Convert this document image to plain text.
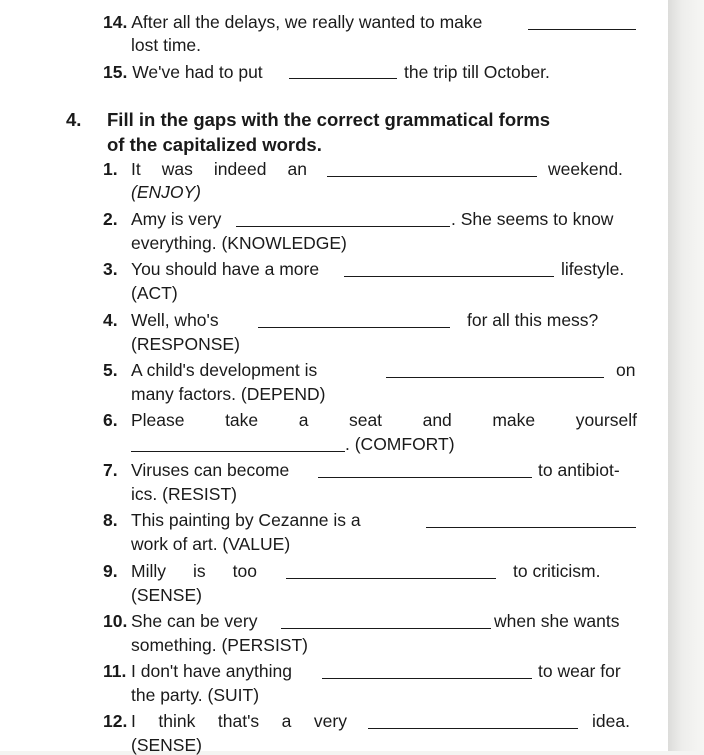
14. After all the delays, we really wanted to make
lost time.
15. We've had to put	the trip till October.
4. Fill in the gaps with the correct grammatical forms
of the capitalized words.
1. It was indeed an	weekend.
(ENJOY)
2. Amy is very	. She seems to know
everything. (KNOWLEDGE)
3. You should have a more	lifestyle.
(ACT)
4. Well, who's	for all this mess?
(RESPONSE)
5. A child's development is	on
many factors. (DEPEND)
6. Please take a seat and make yourself
. (COMFORT)
7. Viruses can become	to antibiot-
ics. (RESIST)
8. This painting by Cezanne is a
work of art. (VALUE)
9. Milly is too	to criticism.
(SENSE)
10. She can be very	when she wants
something. (PERSIST)
11. I don't have anything	to wear for
the party. (SUIT)
12. I think that's a very	idea.
(SENSE)
